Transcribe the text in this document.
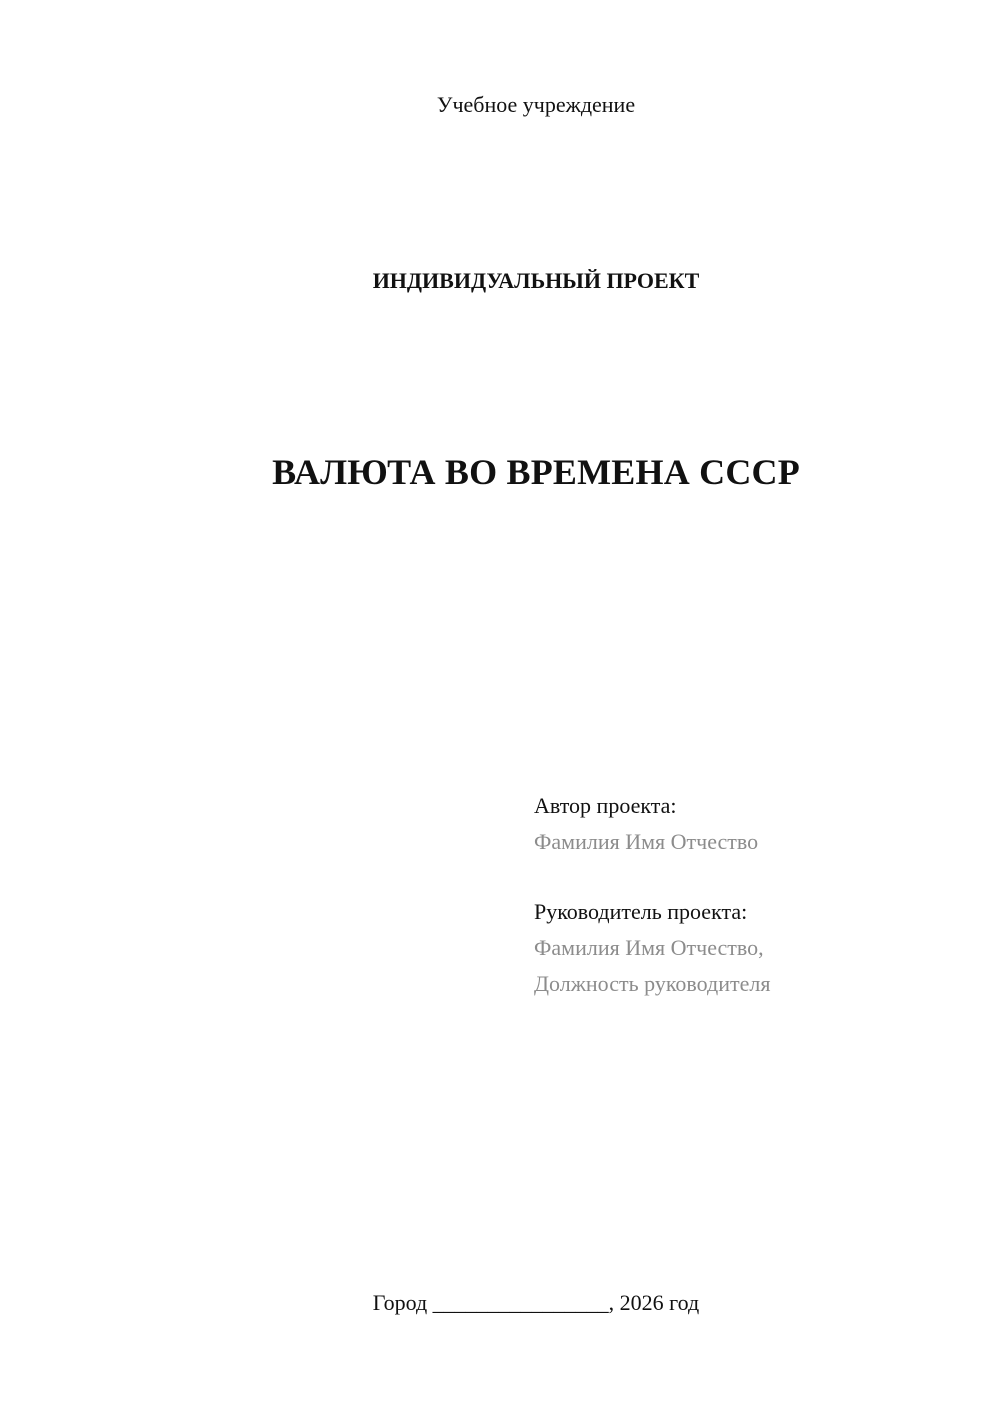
Учебное учреждение
ИНДИВИДУАЛЬНЫЙ ПРОЕКТ
ВАЛЮТА ВО ВРЕМЕНА СССР
Автор проекта:
Фамилия Имя Отчество
Руководитель проекта:
Фамилия Имя Отчество,
Должность руководителя
Город ________________, 2026 год
